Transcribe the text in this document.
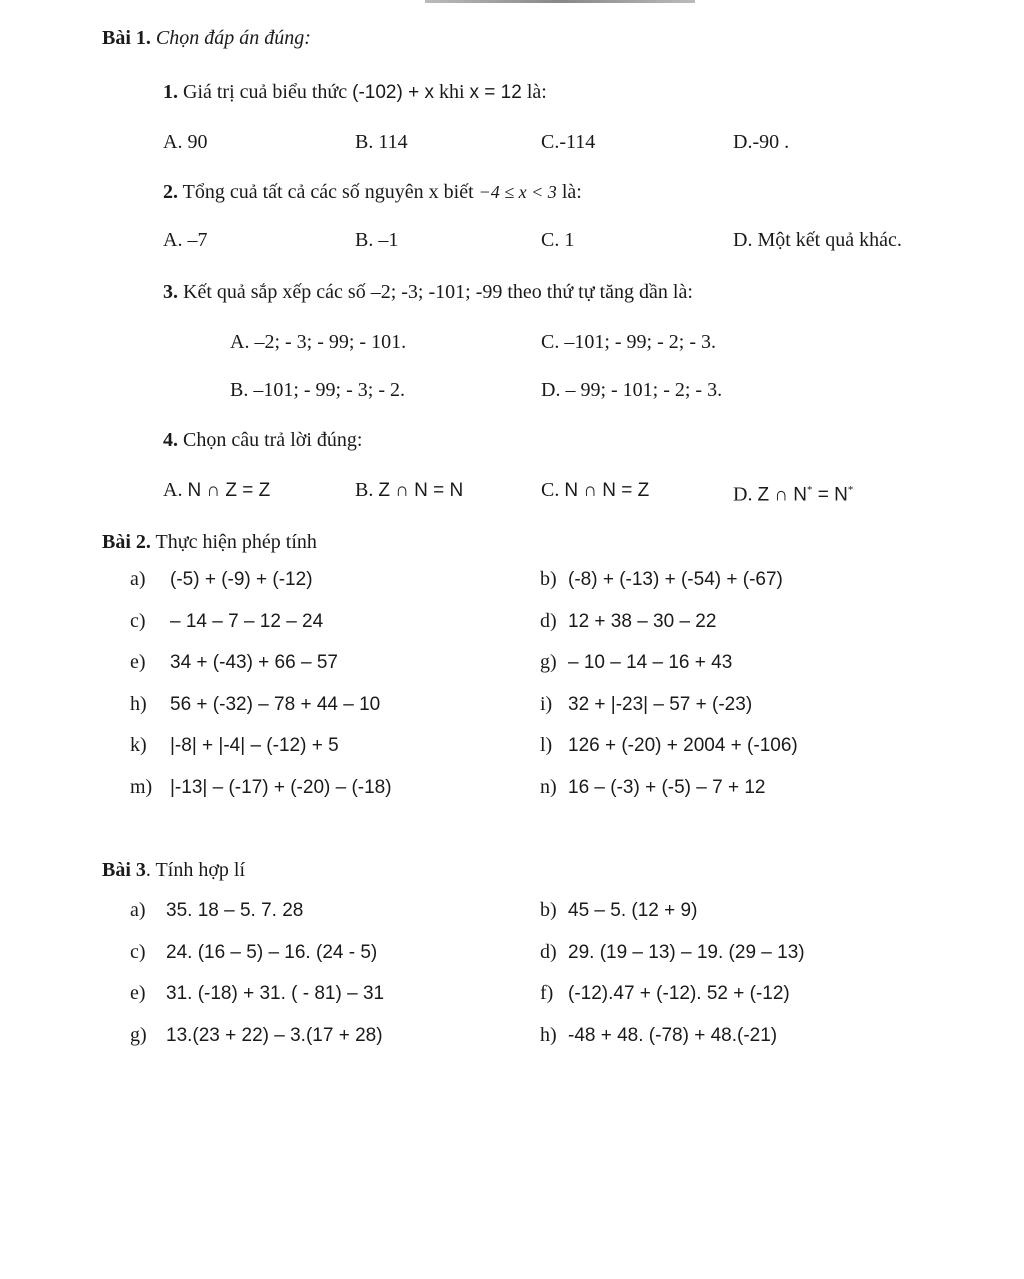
Bài 1. Chọn đáp án đúng:
1. Giá trị cuả biểu thức (-102) + x khi x = 12 là:
A. 90	B. 114	C.-114	D.-90 .
2. Tổng cuả tất cả các số nguyên x biết −4 ≤ x < 3 là:
A. –7	B. –1	C. 1	D. Một kết quả khác.
3. Kết quả sắp xếp các số –2; -3; -101; -99 theo thứ tự tăng dần là:
A. –2; - 3; - 99; - 101.	C. –101; - 99; - 2; - 3.
B. –101; - 99; - 3; - 2.	D. – 99; - 101; - 2; - 3.
4. Chọn câu trả lời đúng:
A. N ∩ Z = Z	B. Z ∩ N = N	C. N ∩ N = Z	D. Z ∩ N* = N*
Bài 2. Thực hiện phép tính
a) (-5) + (-9) + (-12)	b) (-8) + (-13) + (-54) + (-67)
c) – 14 – 7 – 12 – 24	d) 12 + 38 – 30 – 22
e) 34 + (-43) + 66 – 57	g) – 10 – 14 – 16 + 43
h) 56 + (-32) – 78 + 44 – 10	i) 32 + |-23| – 57 + (-23)
k) |-8| + |-4| – (-12) + 5	l) 126 + (-20) + 2004 + (-106)
m) |-13| – (-17) + (-20) – (-18)	n) 16 – (-3) + (-5) – 7 + 12
Bài 3. Tính hợp lí
a) 35. 18 – 5. 7. 28	b) 45 – 5. (12 + 9)
c) 24. (16 – 5) – 16. (24 - 5)	d) 29. (19 – 13) – 19. (29 – 13)
e) 31. (-18) + 31. ( - 81) – 31	f) (-12).47 + (-12). 52 + (-12)
g) 13.(23 + 22) – 3.(17 + 28)	h) -48 + 48. (-78) + 48.(-21)
